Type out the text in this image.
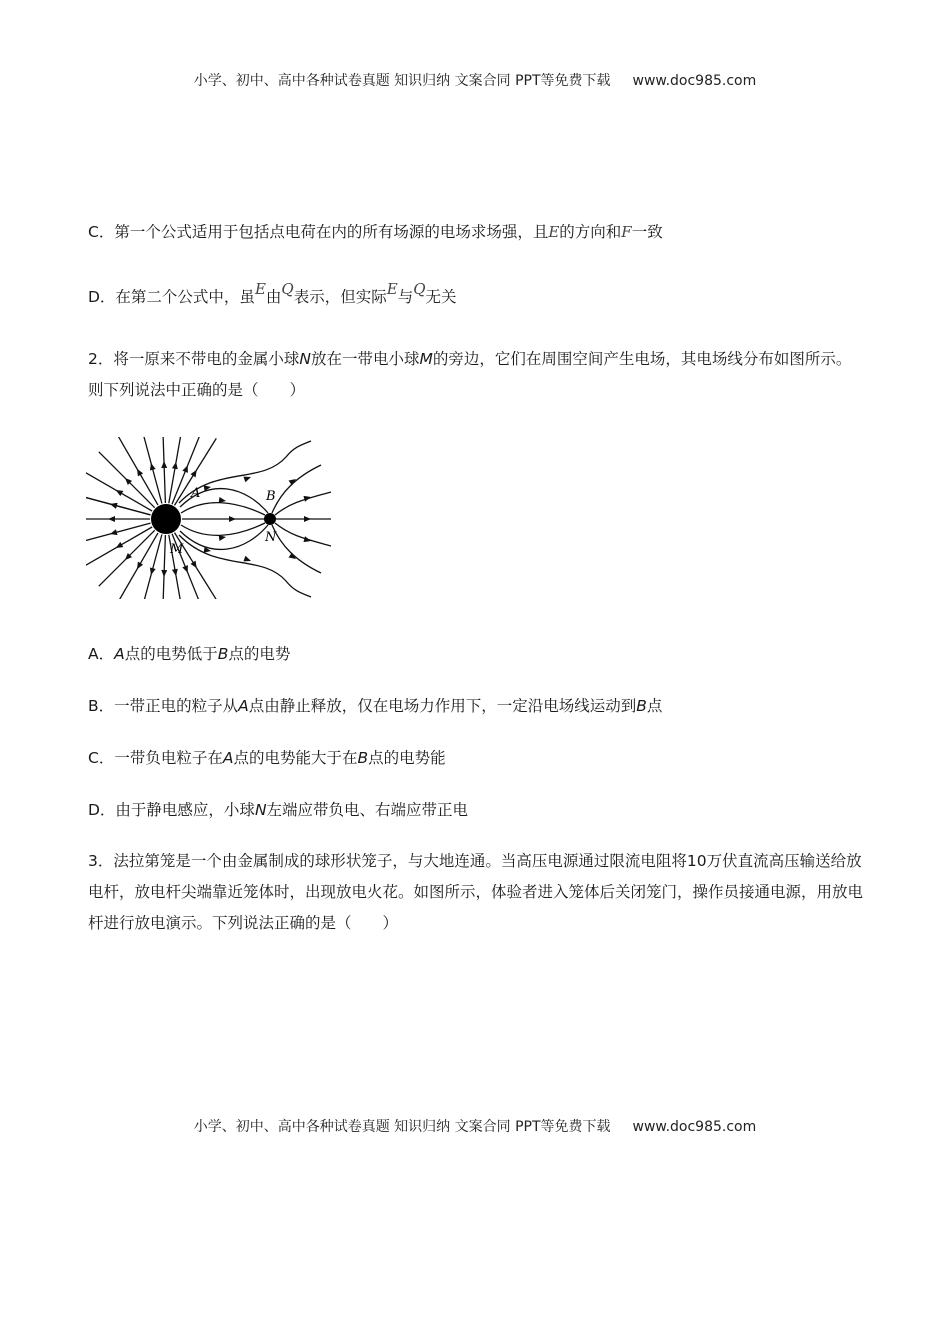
小学、初中、高中各种试卷真题 知识归纳 文案合同 PPT等免费下载 www.doc985.com
C．第一个公式适用于包括点电荷在内的所有场源的电场求场强，且E的方向和F一致
D．在第二个公式中，虽E由Q表示，但实际E与Q无关
2．将一原来不带电的金属小球N放在一带电小球M的旁边，它们在周围空间产生电场，其电场线分布如图所示。则下列说法中正确的是（　　）
A	B
M
N
A．A点的电势低于B点的电势
B．一带正电的粒子从A点由静止释放，仅在电场力作用下，一定沿电场线运动到B点
C．一带负电粒子在A点的电势能大于在B点的电势能
D．由于静电感应，小球N左端应带负电、右端应带正电
3．法拉第笼是一个由金属制成的球形状笼子，与大地连通。当高压电源通过限流电阻将10万伏直流高压输送给放电杆，放电杆尖端靠近笼体时，出现放电火花。如图所示，体验者进入笼体后关闭笼门，操作员接通电源，用放电杆进行放电演示。下列说法正确的是（　　）
小学、初中、高中各种试卷真题 知识归纳 文案合同 PPT等免费下载 www.doc985.com
